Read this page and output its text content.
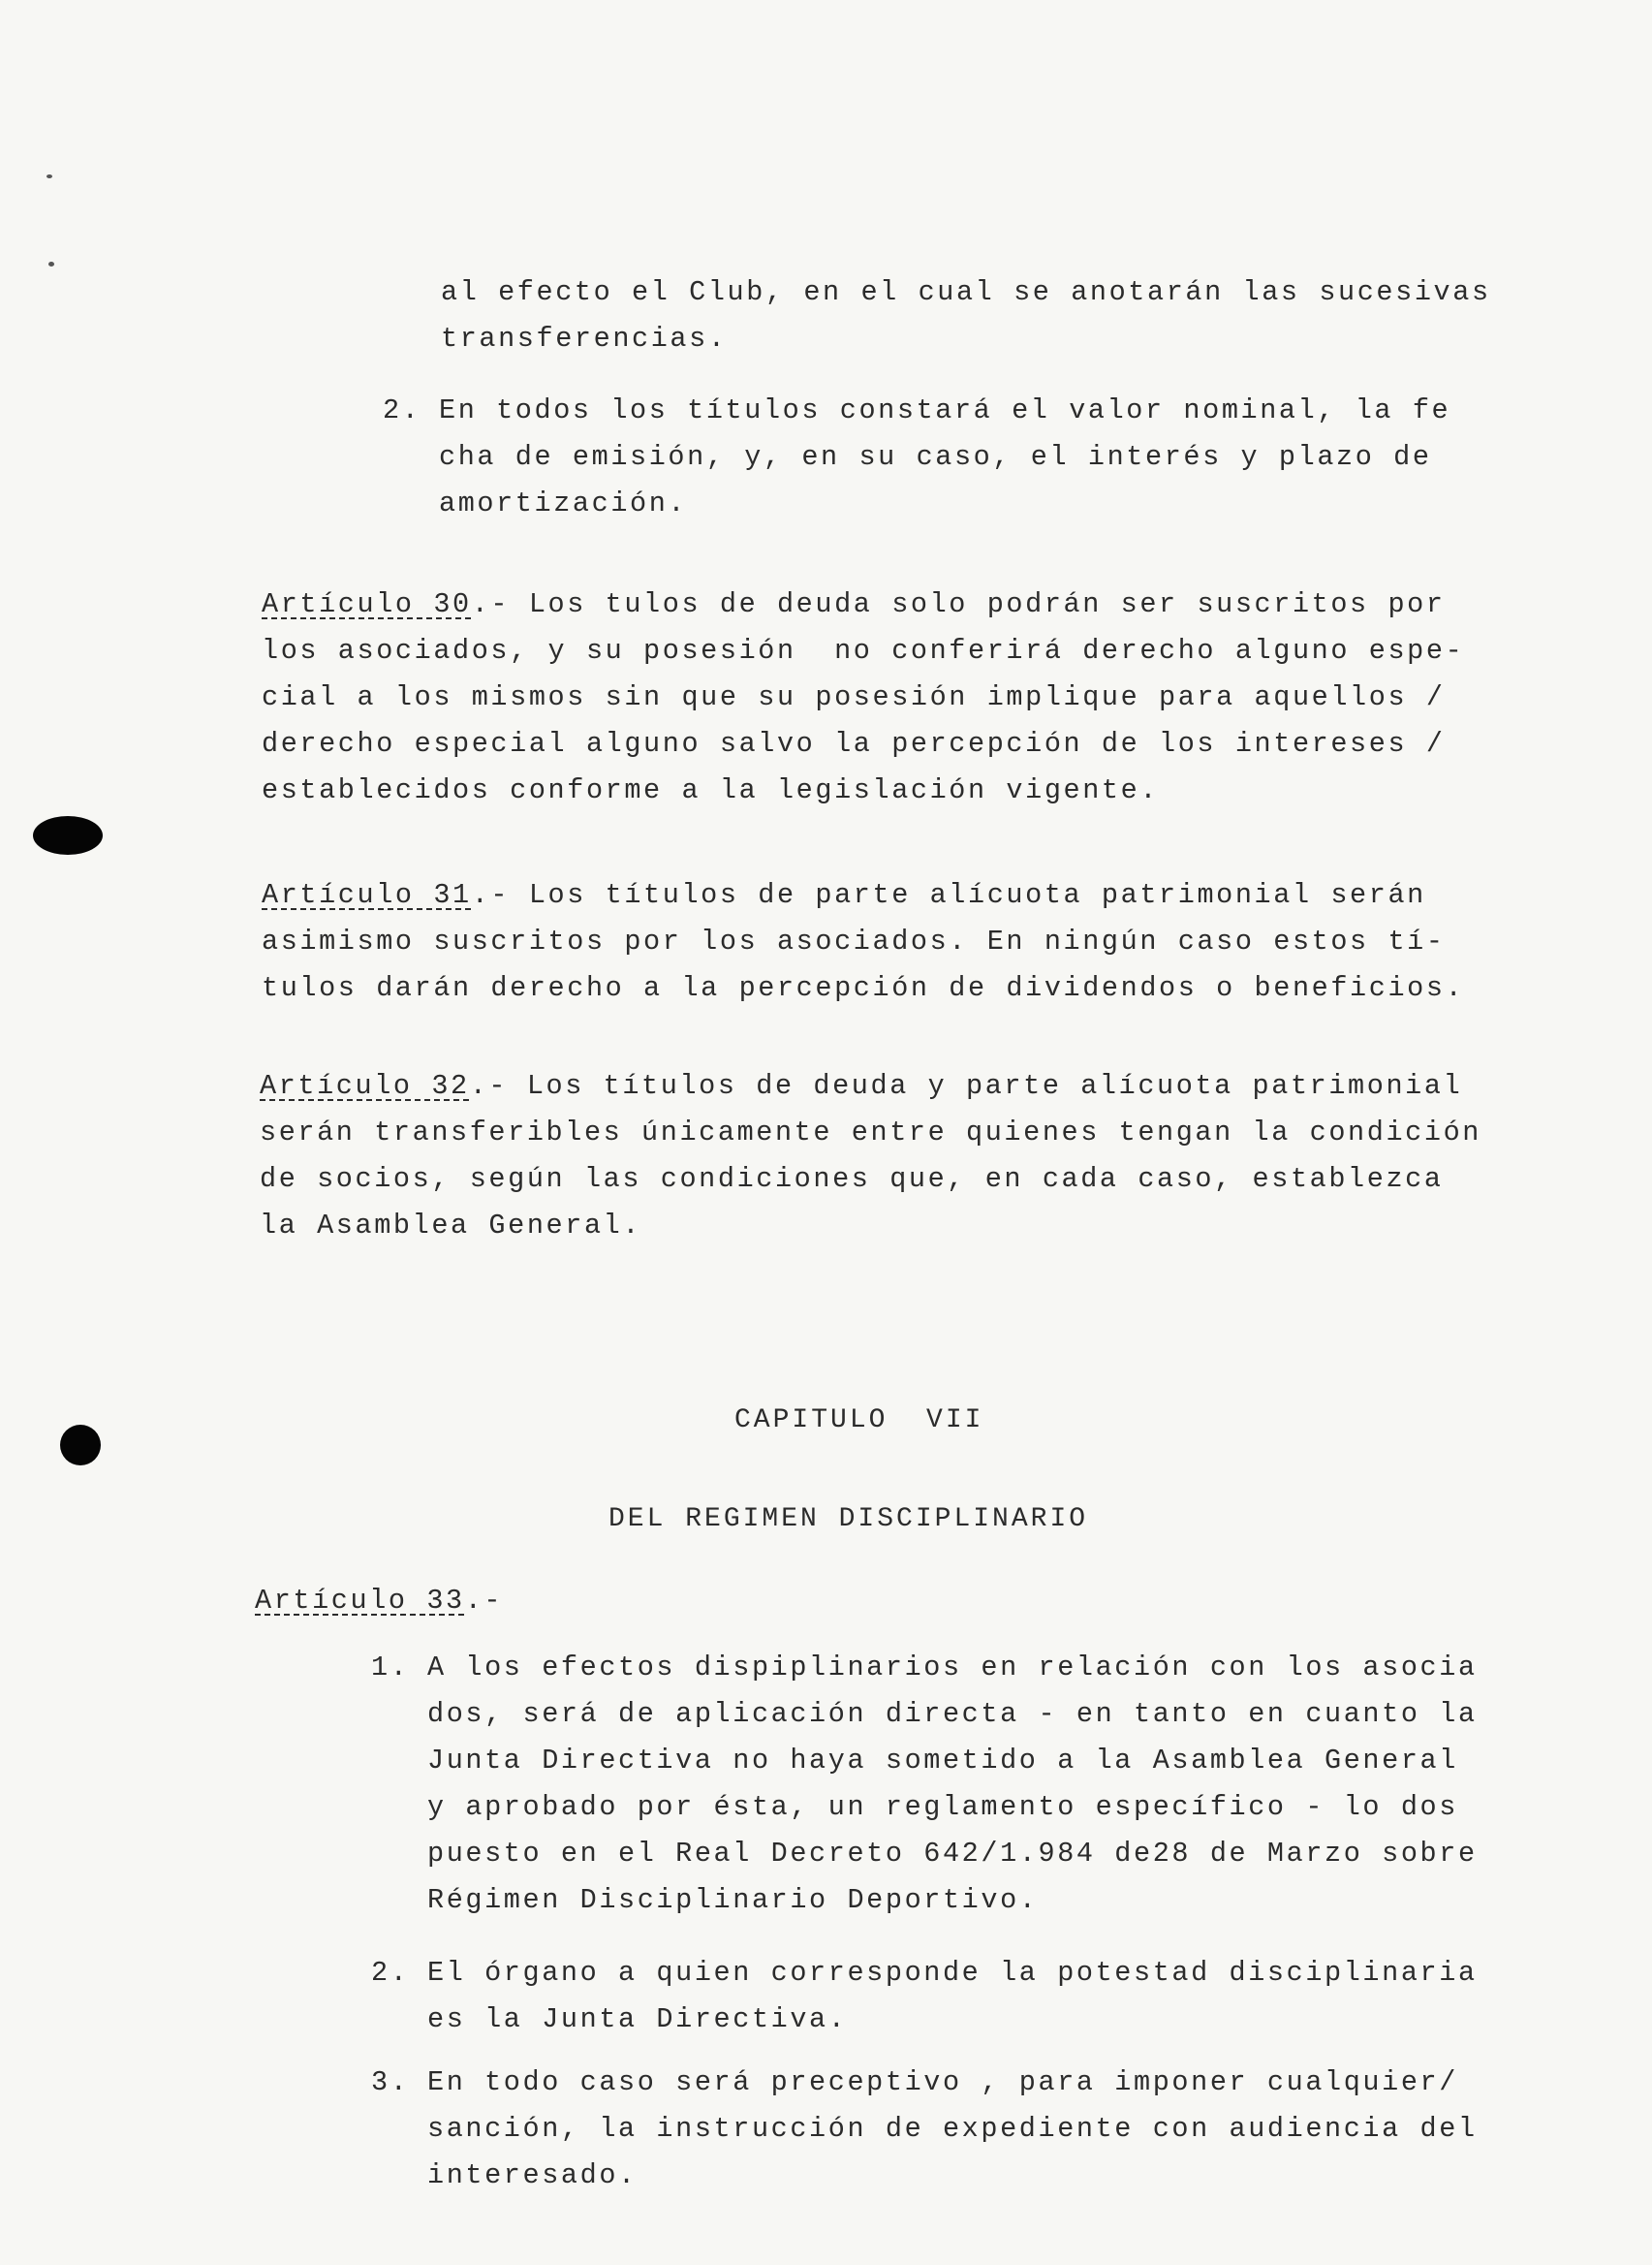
al efecto el Club, en el cual se anotarán las sucesivas
transferencias.
2. En todos los títulos constará el valor nominal, la fe
cha de emisión, y, en su caso, el interés y plazo de
amortización.
Artículo 30.- Los tulos de deuda solo podrán ser suscritos por
los asociados, y su posesión  no conferirá derecho alguno espe-
cial a los mismos sin que su posesión implique para aquellos /
derecho especial alguno salvo la percepción de los intereses /
establecidos conforme a la legislación vigente.
Artículo 31.- Los títulos de parte alícuota patrimonial serán
asimismo suscritos por los asociados. En ningún caso estos tí-
tulos darán derecho a la percepción de dividendos o beneficios.
Artículo 32.- Los títulos de deuda y parte alícuota patrimonial
serán transferibles únicamente entre quienes tengan la condición
de socios, según las condiciones que, en cada caso, establezca
la Asamblea General.
CAPITULO  VII
DEL REGIMEN DISCIPLINARIO
Artículo 33.-
1. A los efectos dispiplinarios en relación con los asocia
dos, será de aplicación directa - en tanto en cuanto la
Junta Directiva no haya sometido a la Asamblea General
y aprobado por ésta, un reglamento específico - lo dos
puesto en el Real Decreto 642/1.984 de28 de Marzo sobre
Régimen Disciplinario Deportivo.
2. El órgano a quien corresponde la potestad disciplinaria
es la Junta Directiva.
3. En todo caso será preceptivo , para imponer cualquier/
sanción, la instrucción de expediente con audiencia del
interesado.
